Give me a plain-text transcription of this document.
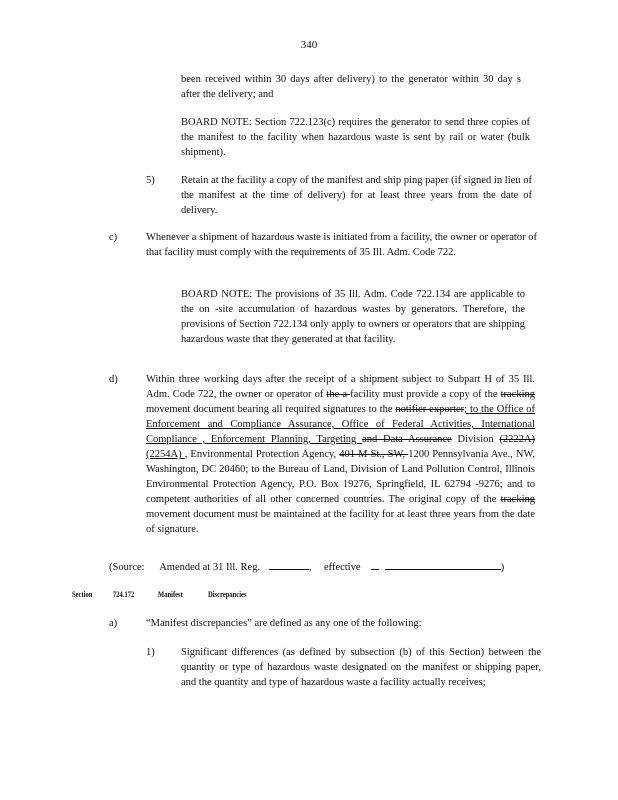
340

been received within 30 days after delivery) to the generator within 30 day s after the delivery; and

BOARD NOTE: Section 722.123(c) requires the generator to send three copies of the manifest to the facility when hazardous waste is sent by rail or water (bulk shipment).

5)	Retain at the facility a copy of the manifest and ship ping paper (if signed in lieu of the manifest at the time of delivery) for at least three years from the date of delivery.

c)	Whenever a shipment of hazardous waste is initiated from a facility, the owner or operator of that facility must comply with the requirements of 35 Ill. Adm. Code 722.

BOARD NOTE: The provisions of 35 Ill. Adm. Code 722.134 are applicable to the on -site accumulation of hazardous wastes by generators. Therefore, the provisions of Section 722.134 only apply to owners or operators that are shipping hazardous waste that they generated at that facility.

d)	Within three working days after the receipt of a shipment subject to Subpart H of 35 Ill. Adm. Code 722, the owner or operator of the a facility must provide a copy of the tracking movement document bearing all required signatures to the notifier exporter; to the Office of Enforcement and Compliance Assurance, Office of Federal Activities, International Compliance , Enforcement Planning, Targeting and Data Assurance Division (2222A) (2254A) , Environmental Protection Agency, 401 M St., SW, 1200 Pennsylvania Ave., NW, Washington, DC 20460; to the Bureau of Land, Division of Land Pollution Control, Illinois Environmental Protection Agency, P.O. Box 19276, Springfield, IL 62794 -9276; and to competent authorities of all other concerned countries. The original copy of the tracking movement document must be maintained at the facility for at least three years from the date of signature.

(Source: Amended at 31 Ill. Reg.	, effective	)
Section	724.172	Manifest	Discrepancies
a)	“Manifest discrepancies” are defined as any one of the following:

1)	Significant differences (as defined by subsection (b) of this Section) between the quantity or type of hazardous waste designated on the manifest or shipping paper, and the quantity and type of hazardous waste a facility actually receives;
